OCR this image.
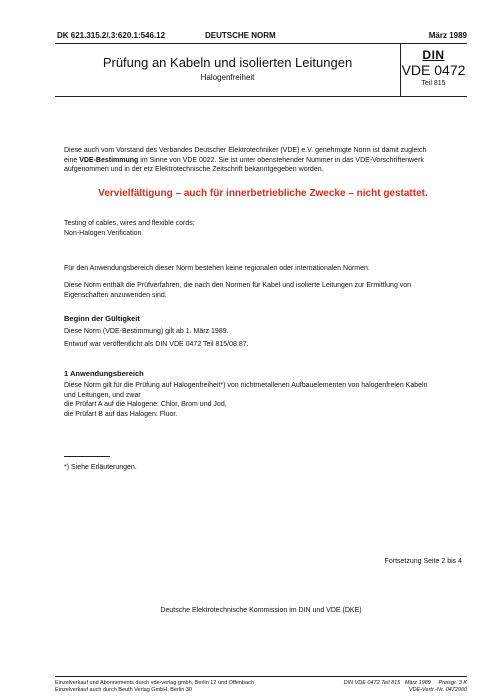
DK 621.315.2/.3:620.1:546.12	DEUTSCHE NORM	März 1989
Prüfung an Kabeln und isolierten Leitungen
Halogenfreiheit
DIN
VDE 0472
Teil 815
Diese auch vom Vorstand des Verbandes Deutscher Elektrotechniker (VDE) e.V. genehmigte Norm ist damit zugleich
eine VDE-Bestimmung im Sinne von VDE 0022. Sie ist unter obenstehender Nummer in das VDE-Vorschriftenwerk
aufgenommen und in der etz Elektrotechnische Zeitschrift bekanntgegeben worden.
Vervielfältigung – auch für innerbetriebliche Zwecke – nicht gestattet.
Testing of cables, wires and flexible cords;
Non-Halogen Verification
Für den Anwendungsbereich dieser Norm bestehen keine regionalen oder internationalen Normen.
Diese Norm enthält die Prüfverfahren, die nach den Normen für Kabel und isolierte Leitungen zur Ermittlung von
Eigenschaften anzuwenden sind.
Beginn der Gültigkeit
Diese Norm (VDE-Bestimmung) gilt ab 1. März 1989.
Entwurf war veröffentlicht als DIN VDE 0472 Teil 815/08.87.
1 Anwendungsbereich
Diese Norm gilt für die Prüfung auf Halogenfreiheit*) von nichtmetallenen Aufbauelementen von halogenfreien Kabeln
und Leitungen, und zwar
die Prüfart A auf die Halogene: Chlor, Brom und Jod,
die Prüfart B auf das Halogen: Fluor.
*) Siehe Erläuterungen.
Fortsetzung Seite 2 bis 4
Deutsche Elektrotechnische Kommission im DIN und VDE (DKE)
Einzelverkauf und Abonnements durch vde-verlag gmbh, Berlin 12 und Offenbach
Einzelverkauf auch durch Beuth Verlag GmbH, Berlin 30
DIN VDE 0472 Teil 815   März 1989     Preisgr. 3 K
VDE-Vertr.-Nr. 0472000
